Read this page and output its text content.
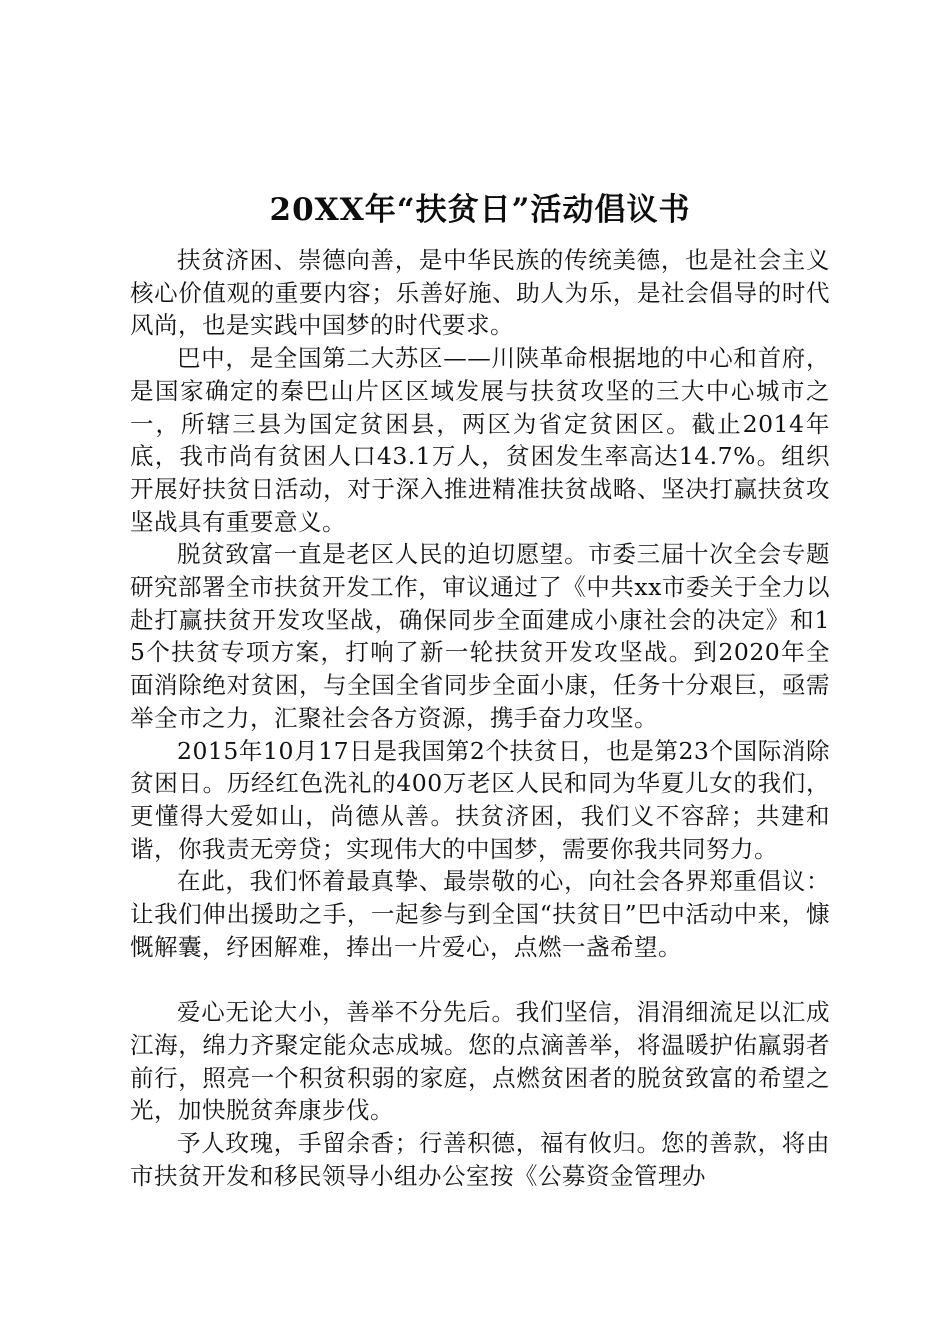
20XX年“扶贫日”活动倡议书

扶贫济困、崇德向善，是中华民族的传统美德，也是社会主义核心价值观的重要内容；乐善好施、助人为乐，是社会倡导的时代风尚，也是实践中国梦的时代要求。

巴中，是全国第二大苏区——川陕革命根据地的中心和首府，是国家确定的秦巴山片区区域发展与扶贫攻坚的三大中心城市之一，所辖三县为国定贫困县，两区为省定贫困区。截止2014年底，我市尚有贫困人口43.1万人，贫困发生率高达14.7%。组织开展好扶贫日活动，对于深入推进精准扶贫战略、坚决打赢扶贫攻坚战具有重要意义。

脱贫致富一直是老区人民的迫切愿望。市委三届十次全会专题研究部署全市扶贫开发工作，审议通过了《中共xx市委关于全力以赴打赢扶贫开发攻坚战，确保同步全面建成小康社会的决定》和15个扶贫专项方案，打响了新一轮扶贫开发攻坚战。到2020年全面消除绝对贫困，与全国全省同步全面小康，任务十分艰巨，亟需举全市之力，汇聚社会各方资源，携手奋力攻坚。

2015年10月17日是我国第2个扶贫日，也是第23个国际消除贫困日。历经红色洗礼的400万老区人民和同为华夏儿女的我们，更懂得大爱如山，尚德从善。扶贫济困，我们义不容辞；共建和谐，你我责无旁贷；实现伟大的中国梦，需要你我共同努力。

在此，我们怀着最真挚、最崇敬的心，向社会各界郑重倡议：让我们伸出援助之手，一起参与到全国“扶贫日”巴中活动中来，慷慨解囊，纾困解难，捧出一片爱心，点燃一盏希望。

爱心无论大小，善举不分先后。我们坚信，涓涓细流足以汇成江海，绵力齐聚定能众志成城。您的点滴善举，将温暖护佑羸弱者前行，照亮一个积贫积弱的家庭，点燃贫困者的脱贫致富的希望之光，加快脱贫奔康步伐。

予人玫瑰，手留余香；行善积德，福有攸归。您的善款，将由市扶贫开发和移民领导小组办公室按《公募资金管理办
